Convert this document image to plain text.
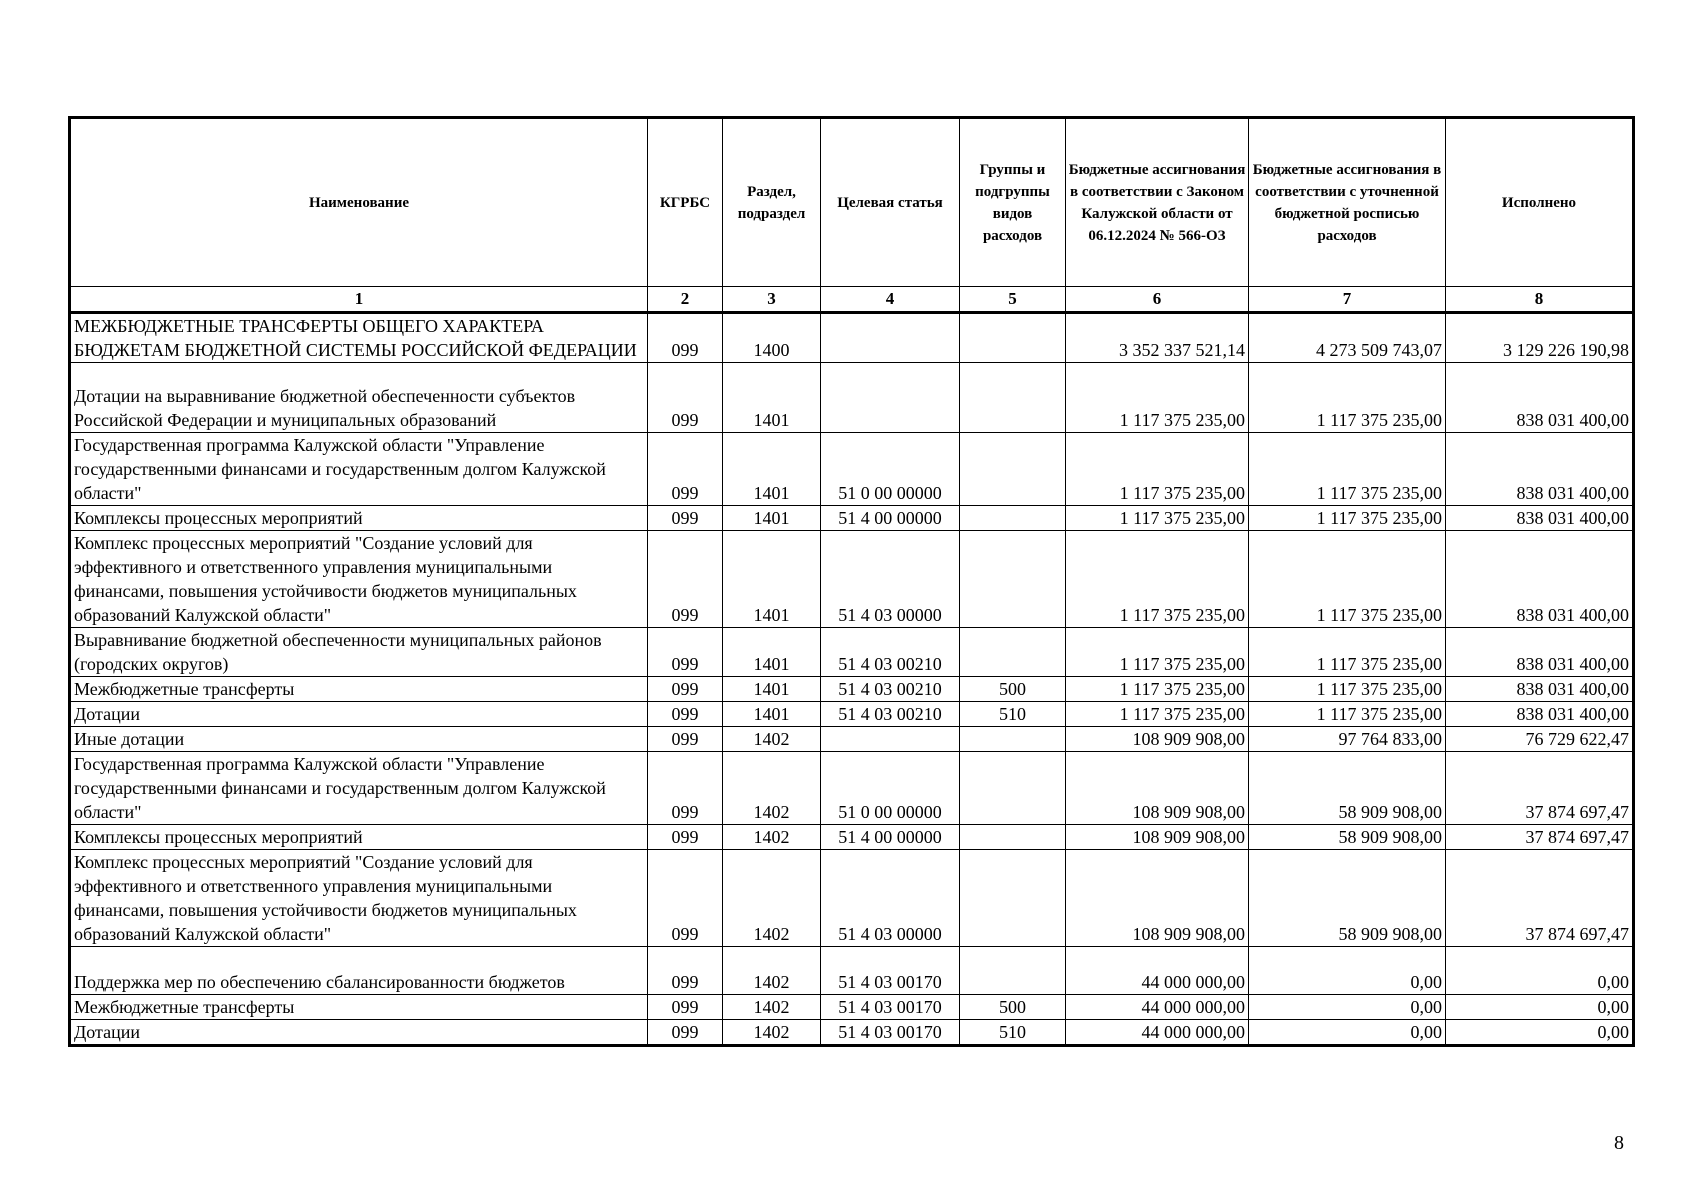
Наименование	КГРБС	Раздел, подраздел	Целевая статья	Группы и подгруппы видов расходов	Бюджетные ассигнования в соответствии с Законом Калужской области от 06.12.2024 № 566-ОЗ	Бюджетные ассигнования в соответствии с уточненной бюджетной росписью расходов	Исполнено
1	2	3	4	5	6	7	8
МЕЖБЮДЖЕТНЫЕ ТРАНСФЕРТЫ ОБЩЕГО ХАРАКТЕРА БЮДЖЕТАМ БЮДЖЕТНОЙ СИСТЕМЫ РОССИЙСКОЙ ФЕДЕРАЦИИ	099	1400			3 352 337 521,14	4 273 509 743,07	3 129 226 190,98
Дотации на выравнивание бюджетной обеспеченности субъектов Российской Федерации и муниципальных образований	099	1401			1 117 375 235,00	1 117 375 235,00	838 031 400,00
Государственная программа Калужской области "Управление государственными финансами и государственным долгом Калужской области"	099	1401	51 0 00 00000		1 117 375 235,00	1 117 375 235,00	838 031 400,00
Комплексы процессных мероприятий	099	1401	51 4 00 00000		1 117 375 235,00	1 117 375 235,00	838 031 400,00
Комплекс процессных мероприятий "Создание условий для эффективного и ответственного управления муниципальными финансами, повышения устойчивости бюджетов муниципальных образований Калужской области"	099	1401	51 4 03 00000		1 117 375 235,00	1 117 375 235,00	838 031 400,00
Выравнивание бюджетной обеспеченности муниципальных районов (городских округов)	099	1401	51 4 03 00210		1 117 375 235,00	1 117 375 235,00	838 031 400,00
Межбюджетные трансферты	099	1401	51 4 03 00210	500	1 117 375 235,00	1 117 375 235,00	838 031 400,00
Дотации	099	1401	51 4 03 00210	510	1 117 375 235,00	1 117 375 235,00	838 031 400,00
Иные дотации	099	1402			108 909 908,00	97 764 833,00	76 729 622,47
Государственная программа Калужской области "Управление государственными финансами и государственным долгом Калужской области"	099	1402	51 0 00 00000		108 909 908,00	58 909 908,00	37 874 697,47
Комплексы процессных мероприятий	099	1402	51 4 00 00000		108 909 908,00	58 909 908,00	37 874 697,47
Комплекс процессных мероприятий "Создание условий для эффективного и ответственного управления муниципальными финансами, повышения устойчивости бюджетов муниципальных образований Калужской области"	099	1402	51 4 03 00000		108 909 908,00	58 909 908,00	37 874 697,47
Поддержка мер по обеспечению сбалансированности бюджетов	099	1402	51 4 03 00170		44 000 000,00	0,00	0,00
Межбюджетные трансферты	099	1402	51 4 03 00170	500	44 000 000,00	0,00	0,00
Дотации	099	1402	51 4 03 00170	510	44 000 000,00	0,00	0,00
8
